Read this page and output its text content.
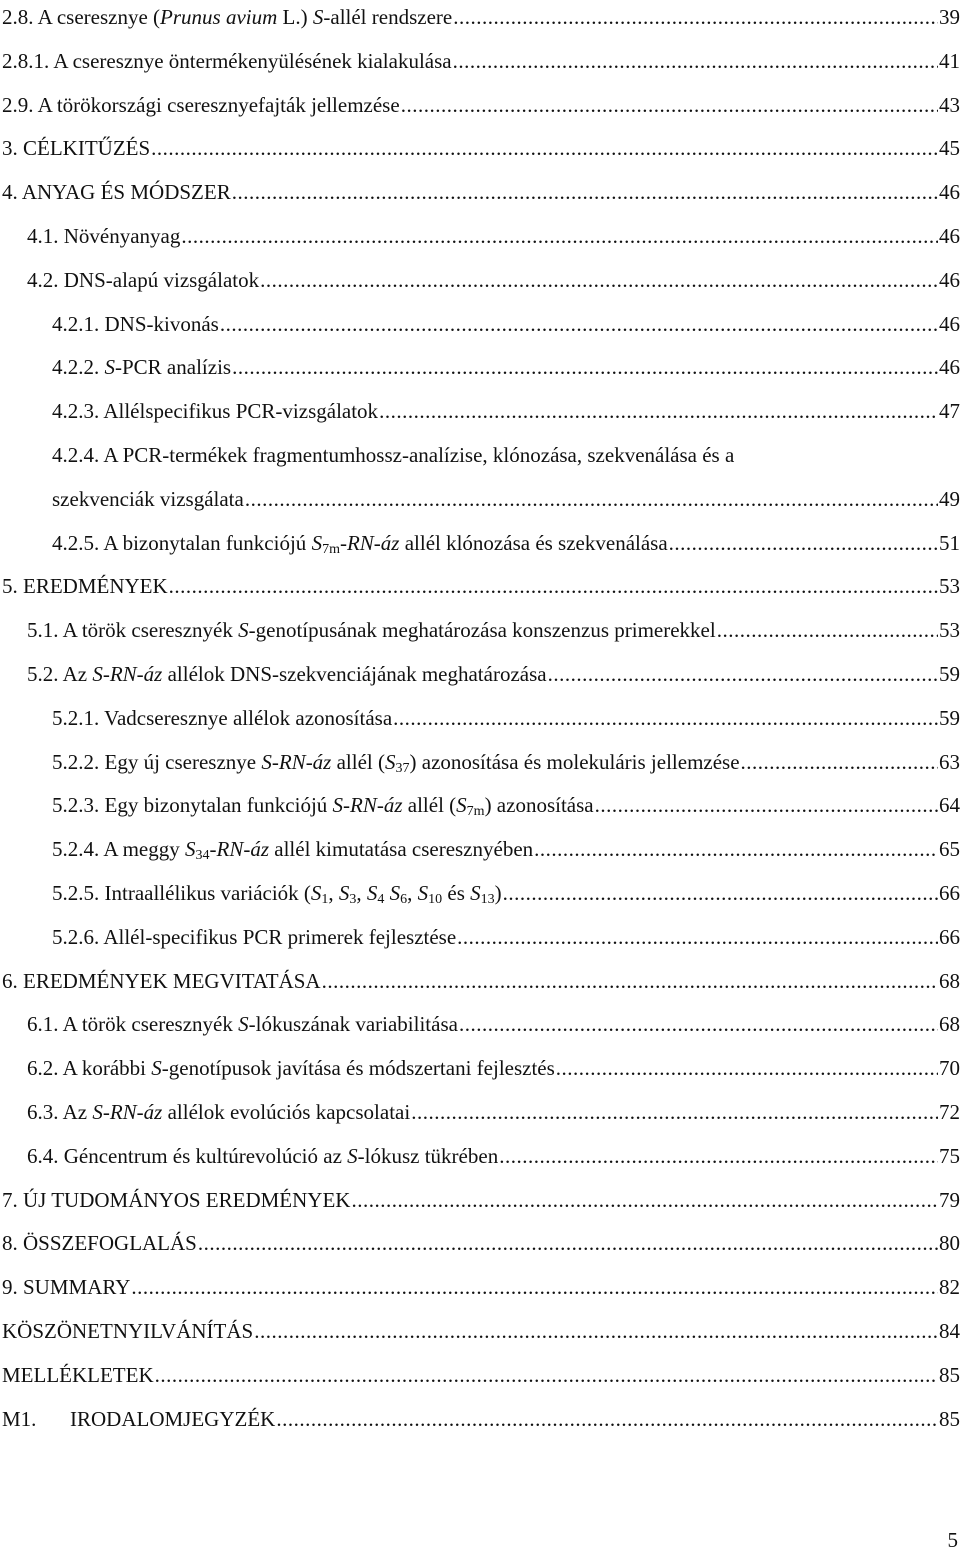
2.8. A cseresznye (Prunus avium L.) S-allél rendszere .....	39
2.8.1. A cseresznye öntermékenyülésének kialakulása .....	41
2.9. A törökországi cseresznyefajták jellemzése .....	43
3. CÉLKITŰZÉS .....	45
4. ANYAG ÉS MÓDSZER .....	46
4.1. Növényanyag .....	46
4.2. DNS-alapú vizsgálatok .....	46
4.2.1. DNS-kivonás .....	46
4.2.2. S-PCR analízis .....	46
4.2.3. Allélspecifikus PCR-vizsgálatok .....	47
4.2.4. A PCR-termékek fragmentumhossz-analízise, klónozása, szekvenálása és a
szekvenciák vizsgálata .....	49
4.2.5. A bizonytalan funkciójú $S_{7m}-RN-áz$ allél klónozása és szekvenálása .....	51
5. EREDMÉNYEK .....	53
5.1. A török cseresznyék S-genotípusának meghatározása konszenzus primerekkel .....	53
5.2. Az S-RN-áz allélok DNS-szekvenciájának meghatározása .....	59
5.2.1. Vadcseresznye allélok azonosítása .....	59
5.2.2. Egy új cseresznye S-RN-áz allél $(S_{37})$ azonosítása és molekuláris jellemzése .....	63
5.2.3. Egy bizonytalan funkciójú S-RN-áz allél $(S_{7m})$ azonosítása .....	64
5.2.4. A meggy $S_{34}-RN-áz$ allél kimutatása cseresznyében .....	65
5.2.5. Intraallélikus variációk ($S_1$, $S_3$, $S_4$ $S_6$, $S_{10}$ és $S_{13}$) .....	66
5.2.6. Allél-specifikus PCR primerek fejlesztése .....	66
6. EREDMÉNYEK MEGVITATÁSA .....	68
6.1. A török cseresznyék S-lókuszának variabilitása .....	68
6.2. A korábbi S-genotípusok javítása és módszertani fejlesztés .....	70
6.3. Az S-RN-áz allélok evolúciós kapcsolatai .....	72
6.4. Géncentrum és kultúrevolúció az S-lókusz tükrében .....	75
7. ÚJ TUDOMÁNYOS EREDMÉNYEK .....	79
8. ÖSSZEFOGLALÁS .....	80
9. SUMMARY .....	82
KÖSZÖNETNYILVÁNÍTÁS .....	84
MELLÉKLETEK .....	85
M1. IRODALOMJEGYZÉK .....	85
5
